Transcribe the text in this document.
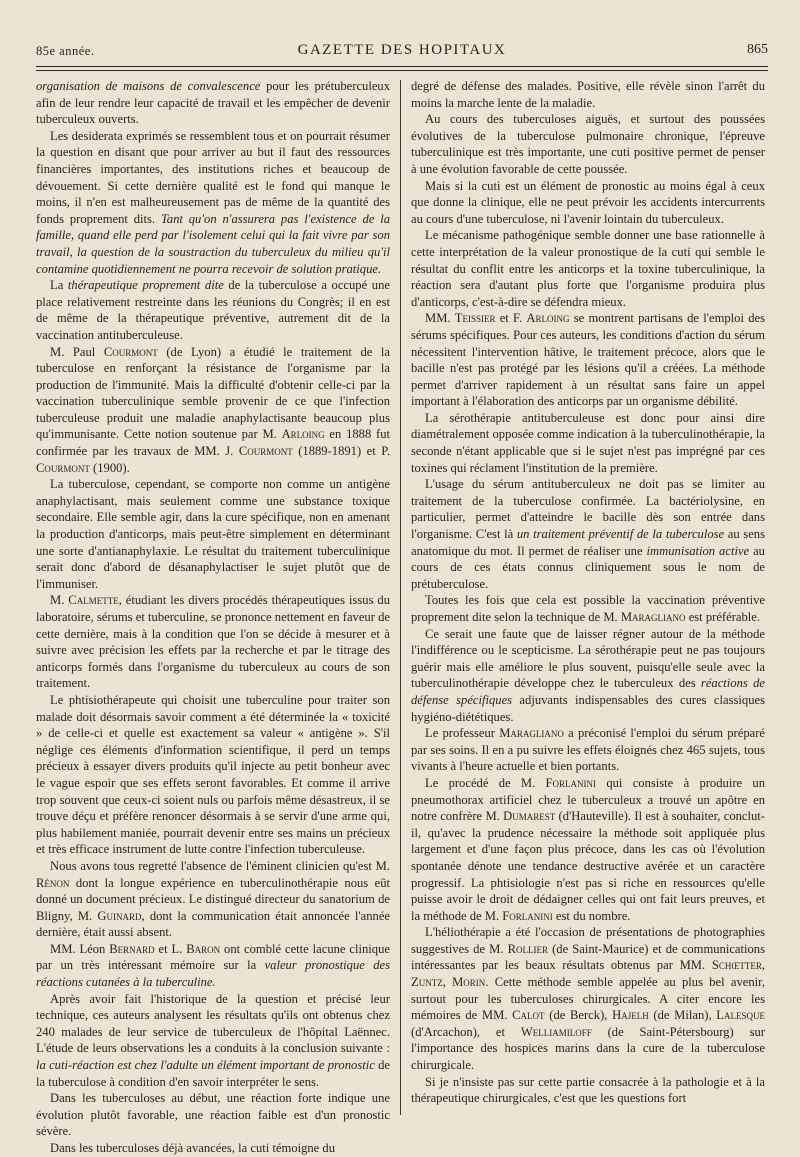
85e année.	GAZETTE DES HOPITAUX	865

organisation de maisons de convalescence pour les prétuberculeux afin de leur rendre leur capacité de travail et les empêcher de devenir tuberculeux ouverts.

Les desiderata exprimés se ressemblent tous et on pourrait résumer la question en disant que pour arriver au but il faut des ressources financières importantes, des institutions riches et beaucoup de dévouement. Si cette dernière qualité est le fond qui manque le moins, il n'en est malheureusement pas de même de la quantité des fonds proprement dits. Tant qu'on n'assurera pas l'existence de la famille, quand elle perd par l'isolement celui qui la fait vivre par son travail, la question de la soustraction du tuberculeux du milieu qu'il contamine quotidiennement ne pourra recevoir de solution pratique.

La thérapeutique proprement dite de la tuberculose a occupé une place relativement restreinte dans les réunions du Congrès; il en est de même de la thérapeutique préventive, autrement dit de la vaccination antituberculeuse.

M. Paul Courmont (de Lyon) a étudié le traitement de la tuberculose en renforçant la résistance de l'organisme par la production de l'immunité. Mais la difficulté d'obtenir celle-ci par la vaccination tuberculinique semble provenir de ce que l'infection tuberculeuse produit une maladie anaphylactisante beaucoup plus qu'immunisante. Cette notion soutenue par M. Arloing en 1888 fut confirmée par les travaux de MM. J. Courmont (1889-1891) et P. Courmont (1900).

La tuberculose, cependant, se comporte non comme un antigène anaphylactisant, mais seulement comme une substance toxique secondaire. Elle semble agir, dans la cure spécifique, non en amenant la production d'anticorps, mais peut-être simplement en déterminant une sorte d'antianaphylaxie. Le résultat du traitement tuberculinique serait donc d'abord de désanaphylactiser le sujet plutôt que de l'immuniser.

M. Calmette, étudiant les divers procédés thérapeutiques issus du laboratoire, sérums et tuberculine, se prononce nettement en faveur de cette dernière, mais à la condition que l'on se décide à mesurer et à suivre avec précision les effets par la recherche et par le titrage des anticorps formés dans l'organisme du tuberculeux au cours de son traitement.

Le phtisiothérapeute qui choisit une tuberculine pour traiter son malade doit désormais savoir comment a été déterminée la « toxicité » de celle-ci et quelle est exactement sa valeur « antigène ». S'il néglige ces éléments d'information scientifique, il perd un temps précieux à essayer divers produits qu'il injecte au petit bonheur avec le vague espoir que ses effets seront favorables. Et comme il arrive trop souvent que ceux-ci soient nuls ou parfois même désastreux, il se trouve déçu et préfère renoncer désormais à se servir d'une arme qui, plus habilement maniée, pourrait devenir entre ses mains un précieux et très efficace instrument de lutte contre l'infection tuberculeuse.

Nous avons tous regretté l'absence de l'éminent clinicien qu'est M. Rénon dont la longue expérience en tuberculinothérapie nous eût donné un document précieux. Le distingué directeur du sanatorium de Bligny, M. Guinard, dont la communication était annoncée l'année dernière, était aussi absent.

MM. Léon Bernard et L. Baron ont comblé cette lacune clinique par un très intéressant mémoire sur la valeur pronostique des réactions cutanées à la tuberculine.

Après avoir fait l'historique de la question et précisé leur technique, ces auteurs analysent les résultats qu'ils ont obtenus chez 240 malades de leur service de tuberculeux de l'hôpital Laënnec. L'étude de leurs observations les a conduits à la conclusion suivante : la cuti-réaction est chez l'adulte un élément important de pronostic de la tuberculose à condition d'en savoir interpréter le sens.

Dans les tuberculoses au début, une réaction forte indique une évolution plutôt favorable, une réaction faible est d'un pronostic sévère.

Dans les tuberculoses déjà avancées, la cuti témoigne du

degré de défense des malades. Positive, elle révèle sinon l'arrêt du moins la marche lente de la maladie.

Au cours des tuberculoses aiguës, et surtout des poussées évolutives de la tuberculose pulmonaire chronique, l'épreuve tuberculinique est très importante, une cuti positive permet de penser à une évolution favorable de cette poussée.

Mais si la cuti est un élément de pronostic au moins égal à ceux que donne la clinique, elle ne peut prévoir les accidents intercurrents au cours d'une tuberculose, ni l'avenir lointain du tuberculeux.

Le mécanisme pathogénique semble donner une base rationnelle à cette interprétation de la valeur pronostique de la cuti qui semble le résultat du conflit entre les anticorps et la toxine tuberculinique, la réaction sera d'autant plus forte que l'organisme produira plus d'anticorps, c'est-à-dire se défendra mieux.

MM. Teissier et F. Arloing se montrent partisans de l'emploi des sérums spécifiques. Pour ces auteurs, les conditions d'action du sérum nécessitent l'intervention hâtive, le traitement précoce, alors que le bacille n'est pas protégé par les lésions qu'il a créées. La méthode permet d'arriver rapidement à un résultat sans faire un appel important à l'élaboration des anticorps par un organisme débilité.

La sérothérapie antituberculeuse est donc pour ainsi dire diamétralement opposée comme indication à la tuberculinothérapie, la seconde n'étant applicable que si le sujet n'est pas imprégné par ces toxines qui réclament l'institution de la première.

L'usage du sérum antituberculeux ne doit pas se limiter au traitement de la tuberculose confirmée. La bactériolysine, en particulier, permet d'atteindre le bacille dès son entrée dans l'organisme. C'est là un traitement préventif de la tuberculose au sens anatomique du mot. Il permet de réaliser une immunisation active au cours de ces états connus cliniquement sous le nom de prétuberculose.

Toutes les fois que cela est possible la vaccination préventive proprement dite selon la technique de M. Maragliano est préférable.

Ce serait une faute que de laisser régner autour de la méthode l'indifférence ou le scepticisme. La sérothérapie peut ne pas toujours guérir mais elle améliore le plus souvent, puisqu'elle seule avec la tuberculinothérapie développe chez le tuberculeux des réactions de défense spécifiques adjuvants indispensables des cures classiques hygiéno-diététiques.

Le professeur Maragliano a préconisé l'emploi du sérum préparé par ses soins. Il en a pu suivre les effets éloignés chez 465 sujets, tous vivants à l'heure actuelle et bien portants.

Le procédé de M. Forlanini qui consiste à produire un pneumothorax artificiel chez le tuberculeux a trouvé un apôtre en notre confrère M. Dumarest (d'Hauteville). Il est à souhaiter, conclut-il, qu'avec la prudence nécessaire la méthode soit appliquée plus largement et d'une façon plus précoce, dans les cas où l'évolution spontanée dénote une tendance destructive avérée et un caractère progressif. La phtisiologie n'est pas si riche en ressources qu'elle puisse avoir le droit de dédaigner celles qui ont fait leurs preuves, et la méthode de M. Forlanini est du nombre.

L'héliothérapie a été l'occasion de présentations de photographies suggestives de M. Rollier (de Saint-Maurice) et de communications intéressantes par les beaux résultats obtenus par MM. Schœtter, Zuntz, Morin. Cette méthode semble appelée au plus bel avenir, surtout pour les tuberculoses chirurgicales. A citer encore les mémoires de MM. Calot (de Berck), Hajelh (de Milan), Lalesque (d'Arcachon), et Welliamiloff (de Saint-Pétersbourg) sur l'importance des hospices marins dans la cure de la tuberculose chirurgicale.

Si je n'insiste pas sur cette partie consacrée à la pathologie et à la thérapeutique chirurgicales, c'est que les questions fort
